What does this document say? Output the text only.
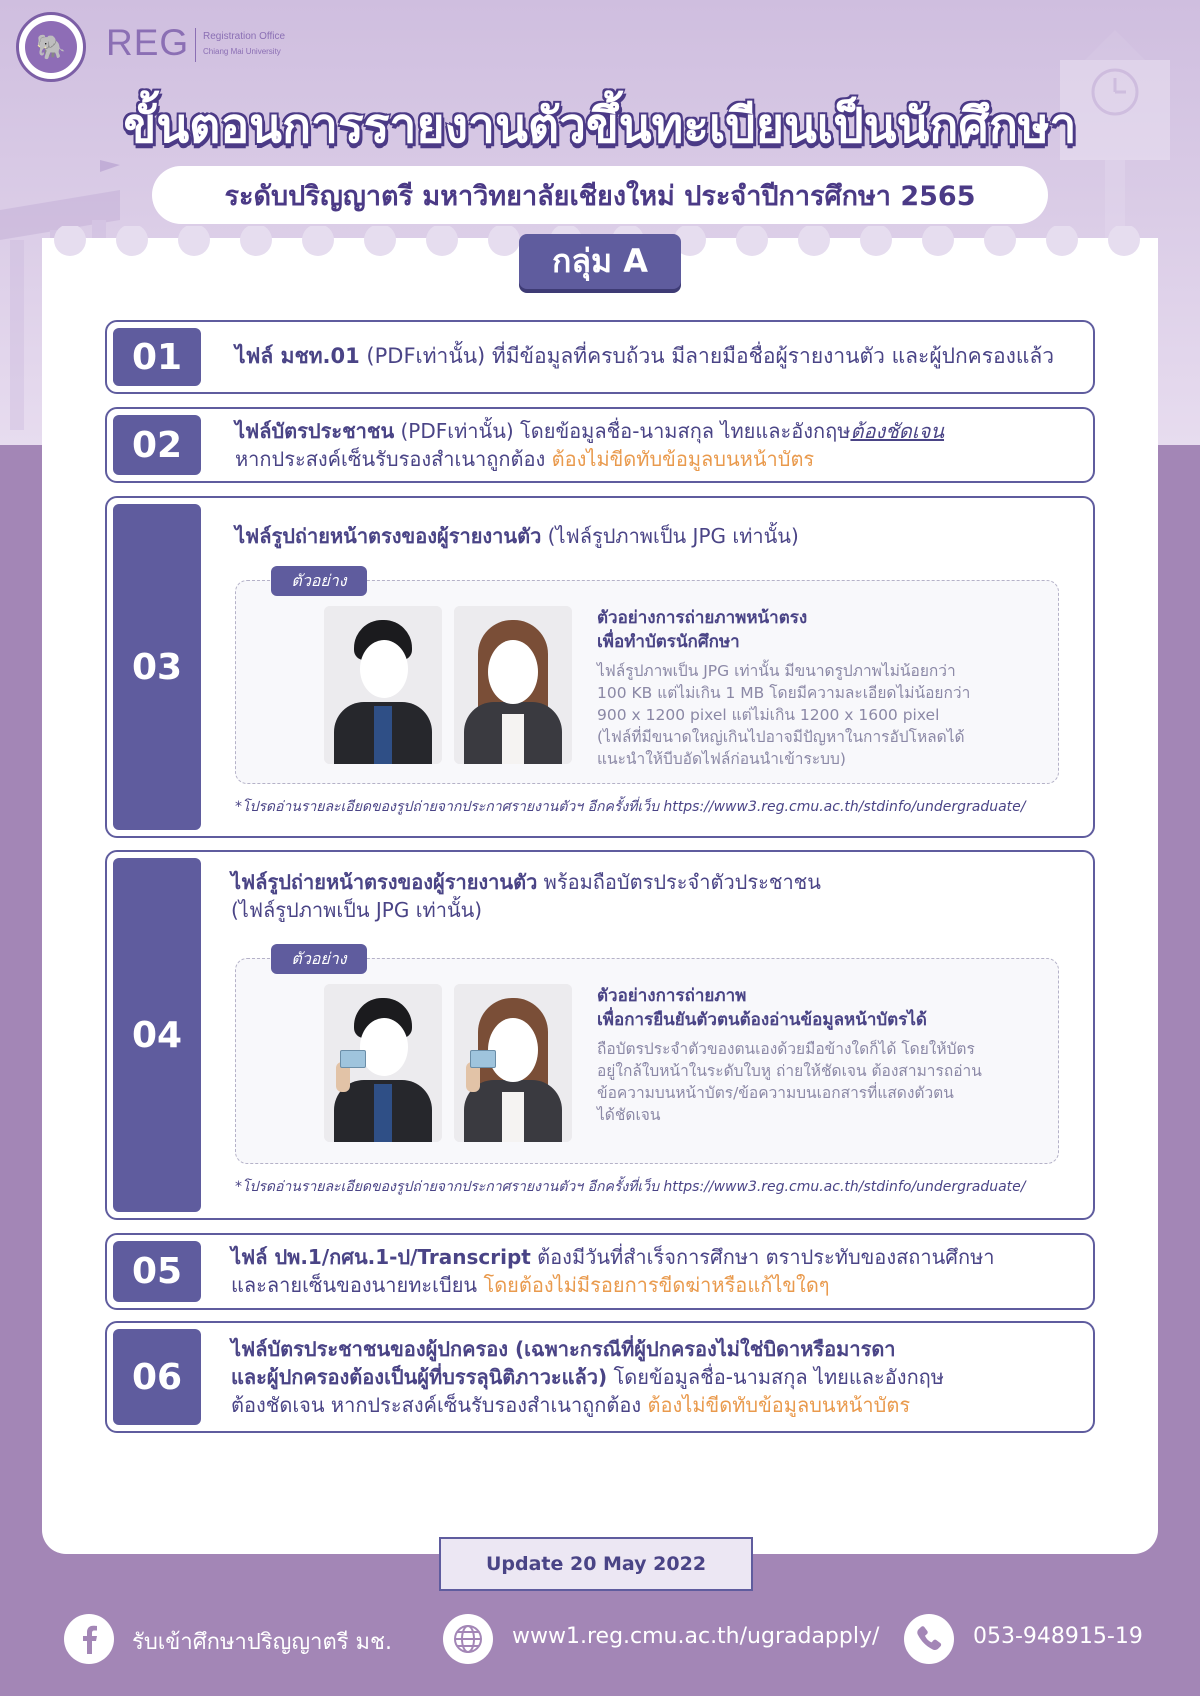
🐘 REG Registration Office
Chiang Mai University
ขั้นตอนการรายงานตัวขึ้นทะเบียนเป็นนักศึกษา
ระดับปริญญาตรี มหาวิทยาลัยเชียงใหม่ ประจำปีการศึกษา 2565
กลุ่ม A
01	ไฟล์ มชท.01 (PDFเท่านั้น) ที่มีข้อมูลที่ครบถ้วน มีลายมือชื่อผู้รายงานตัว และผู้ปกครองแล้ว
02	ไฟล์บัตรประชาชน (PDFเท่านั้น) โดยข้อมูลชื่อ-นามสกุล ไทยและอังกฤษต้องชัดเจน
หากประสงค์เซ็นรับรองสำเนาถูกต้อง ต้องไม่ขีดทับข้อมูลบนหน้าบัตร
03
ไฟล์รูปถ่ายหน้าตรงของผู้รายงานตัว (ไฟล์รูปภาพเป็น JPG เท่านั้น)
ตัวอย่าง
ตัวอย่างการถ่ายภาพหน้าตรง
เพื่อทำบัตรนักศึกษา
ไฟล์รูปภาพเป็น JPG เท่านั้น มีขนาดรูปภาพไม่น้อยกว่า
100 KB แต่ไม่เกิน 1 MB โดยมีความละเอียดไม่น้อยกว่า
900 x 1200 pixel แต่ไม่เกิน 1200 x 1600 pixel
(ไฟล์ที่มีขนาดใหญ่เกินไปอาจมีปัญหาในการอัปโหลดได้
แนะนำให้บีบอัดไฟล์ก่อนนำเข้าระบบ)
*โปรดอ่านรายละเอียดของรูปถ่ายจากประกาศรายงานตัวฯ อีกครั้งที่เว็บ https://www3.reg.cmu.ac.th/stdinfo/undergraduate/
04
ไฟล์รูปถ่ายหน้าตรงของผู้รายงานตัว พร้อมถือบัตรประจำตัวประชาชน
(ไฟล์รูปภาพเป็น JPG เท่านั้น)
ตัวอย่าง
ตัวอย่างการถ่ายภาพ
เพื่อการยืนยันตัวตนต้องอ่านข้อมูลหน้าบัตรได้
ถือบัตรประจำตัวของตนเองด้วยมือข้างใดก็ได้ โดยให้บัตร
อยู่ใกล้ใบหน้าในระดับใบหู ถ่ายให้ชัดเจน ต้องสามารถอ่าน
ข้อความบนหน้าบัตร/ข้อความบนเอกสารที่แสดงตัวตน
ได้ชัดเจน
*โปรดอ่านรายละเอียดของรูปถ่ายจากประกาศรายงานตัวฯ อีกครั้งที่เว็บ https://www3.reg.cmu.ac.th/stdinfo/undergraduate/
05	ไฟล์ ปพ.1/กศน.1-ป/Transcript ต้องมีวันที่สำเร็จการศึกษา ตราประทับของสถานศึกษา
และลายเซ็นของนายทะเบียน โดยต้องไม่มีรอยการขีดฆ่าหรือแก้ไขใดๆ
06
ไฟล์บัตรประชาชนของผู้ปกครอง (เฉพาะกรณีที่ผู้ปกครองไม่ใช่บิดาหรือมารดา
และผู้ปกครองต้องเป็นผู้ที่บรรลุนิติภาวะแล้ว) โดยข้อมูลชื่อ-นามสกุล ไทยและอังกฤษ
ต้องชัดเจน หากประสงค์เซ็นรับรองสำเนาถูกต้อง ต้องไม่ขีดทับข้อมูลบนหน้าบัตร
Update 20 May 2022
รับเข้าศึกษาปริญญาตรี มช.	www1.reg.cmu.ac.th/ugradapply/	053-948915-19
